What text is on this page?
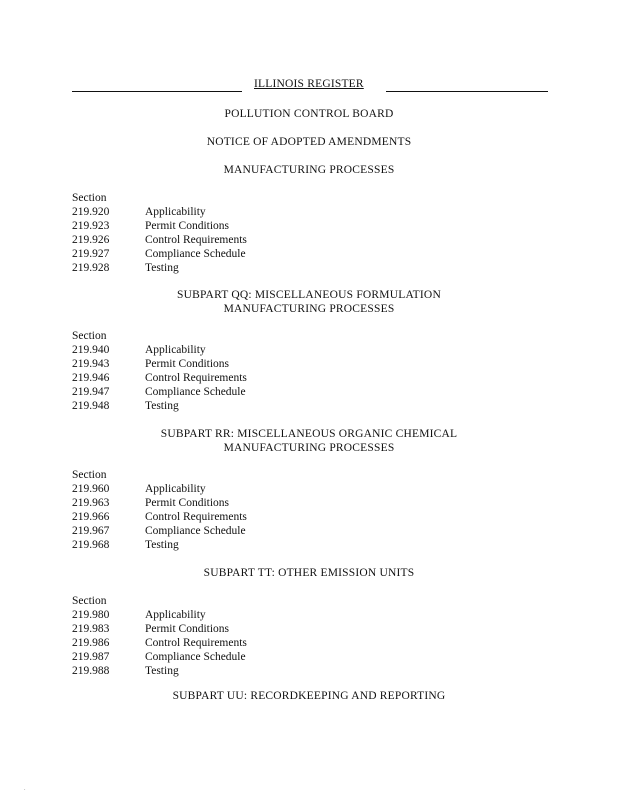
ILLINOIS REGISTER
POLLUTION CONTROL BOARD
NOTICE OF ADOPTED AMENDMENTS
MANUFACTURING PROCESSES
Section
219.920	Applicability
219.923	Permit Conditions
219.926	Control Requirements
219.927	Compliance Schedule
219.928	Testing
SUBPART QQ: MISCELLANEOUS FORMULATION
MANUFACTURING PROCESSES
Section
219.940	Applicability
219.943	Permit Conditions
219.946	Control Requirements
219.947	Compliance Schedule
219.948	Testing
SUBPART RR: MISCELLANEOUS ORGANIC CHEMICAL
MANUFACTURING PROCESSES
Section
219.960	Applicability
219.963	Permit Conditions
219.966	Control Requirements
219.967	Compliance Schedule
219.968	Testing
SUBPART TT: OTHER EMISSION UNITS
Section
219.980	Applicability
219.983	Permit Conditions
219.986	Control Requirements
219.987	Compliance Schedule
219.988	Testing
SUBPART UU: RECORDKEEPING AND REPORTING
.
